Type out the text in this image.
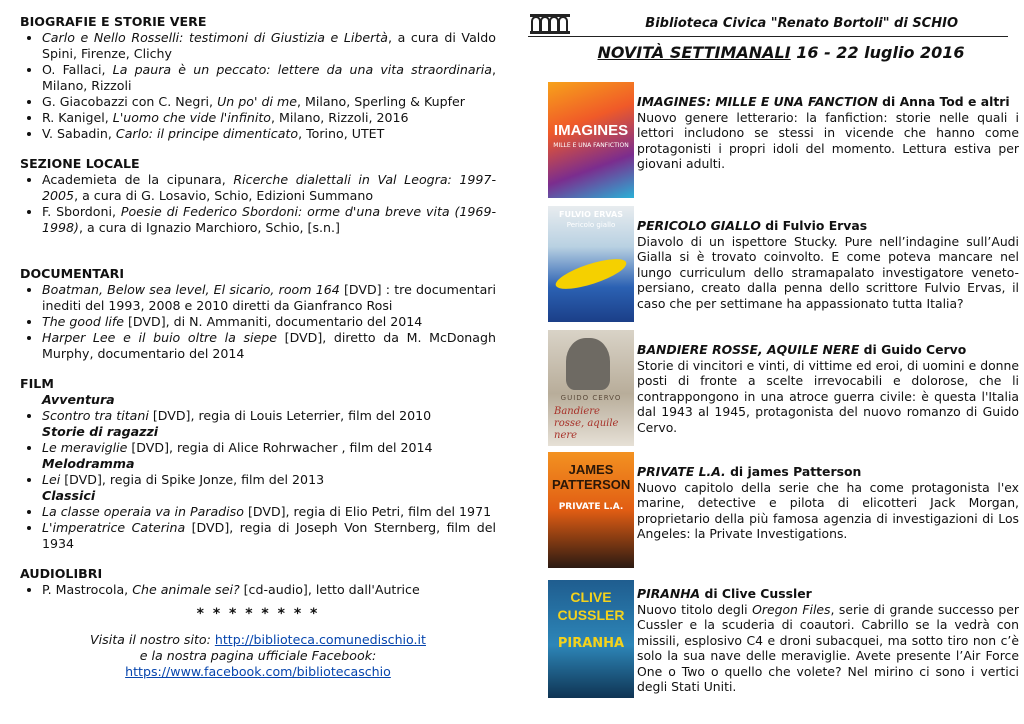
BIOGRAFIE E STORIE VERE

• Carlo e Nello Rosselli: testimoni di Giustizia e Libertà, a cura di Valdo Spini, Firenze, Clichy
• O. Fallaci, La paura è un peccato: lettere da una vita straordinaria, Milano, Rizzoli
• G. Giacobazzi con C. Negri, Un po' di me, Milano, Sperling & Kupfer
• R. Kanigel, L'uomo che vide l'infinito, Milano, Rizzoli, 2016
• V. Sabadin, Carlo: il principe dimenticato, Torino, UTET

SEZIONE LOCALE

• Academieta de la cipunara, Ricerche dialettali in Val Leogra: 1997-2005, a cura di G. Losavio, Schio, Edizioni Summano
• F. Sbordoni, Poesie di Federico Sbordoni: orme d'una breve vita (1969-1998), a cura di Ignazio Marchioro, Schio, [s.n.]

DOCUMENTARI

• Boatman, Below sea level, El sicario, room 164 [DVD] : tre documentari inediti del 1993, 2008 e 2010 diretti da Gianfranco Rosi
• The good life [DVD], di N. Ammaniti, documentario del 2014
• Harper Lee e il buio oltre la siepe [DVD], diretto da M. McDonagh Murphy, documentario del 2014

FILM

Avventura
• Scontro tra titani [DVD], regia di Louis Leterrier, film del 2010
Storie di ragazzi
• Le meraviglie [DVD], regia di Alice Rohrwacher , film del 2014
Melodramma
• Lei [DVD], regia di Spike Jonze, film del 2013
Classici
• La classe operaia va in Paradiso [DVD], regia di Elio Petri, film del 1971
• L'imperatrice Caterina [DVD], regia di Joseph Von Sternberg, film del 1934

AUDIOLIBRI

• P. Mastrocola, Che animale sei? [cd-audio], letto dall'Autrice
* * * * * * * *
Visita il nostro sito: http://biblioteca.comunedischio.it
e la nostra pagina ufficiale Facebook:
https://www.facebook.com/bibliotecaschio
Biblioteca Civica "Renato Bortoli" di SCHIO
NOVITÀ SETTIMANALI 16 - 22 luglio 2016
IMAGINES
MILLE E UNA FANFICTION
IMAGINES: MILLE E UNA FANCTION di Anna Tod e altri
Nuovo genere letterario: la fanfiction: storie nelle quali i lettori includono se stessi in vicende che hanno come protagonisti i propri idoli del momento. Lettura estiva per giovani adulti.
FULVIO ERVAS
Pericolo giallo	PERICOLO GIALLO di Fulvio Ervas
Diavolo di un ispettore Stucky. Pure nell’indagine sull’Audi Gialla si è trovato coinvolto. E come poteva mancare nel lungo curriculum dello stramapalato investigatore veneto-persiano, creato dalla penna dello scrittore Fulvio Ervas, il caso che per settimane ha appassionato tutta Italia?
GUIDO CERVO
Bandiere rosse, aquile nere
BANDIERE ROSSE, AQUILE NERE di Guido Cervo
Storie di vincitori e vinti, di vittime ed eroi, di uomini e donne posti di fronte a scelte irrevocabili e dolorose, che li contrappongono in una atroce guerra civile: è questa l'Italia dal 1943 al 1945, protagonista del nuovo romanzo di Guido Cervo.
JAMES PATTERSON
PRIVATE L.A.
PRIVATE L.A. di james Patterson
Nuovo capitolo della serie che ha come protagonista l'ex marine, detective e pilota di elicotteri Jack Morgan, proprietario della più famosa agenzia di investigazioni di Los Angeles: la Private Investigations.
CLIVE CUSSLER
PIRANHA
PIRANHA di Clive Cussler
Nuovo titolo degli Oregon Files, serie di grande successo per Cussler e la scuderia di coautori. Cabrillo se la vedrà con missili, esplosivo C4 e droni subacquei, ma sotto tiro non c’è solo la sua nave delle meraviglie. Avete presente l’Air Force One o Two o quello che volete? Nel mirino ci sono i vertici degli Stati Uniti.
